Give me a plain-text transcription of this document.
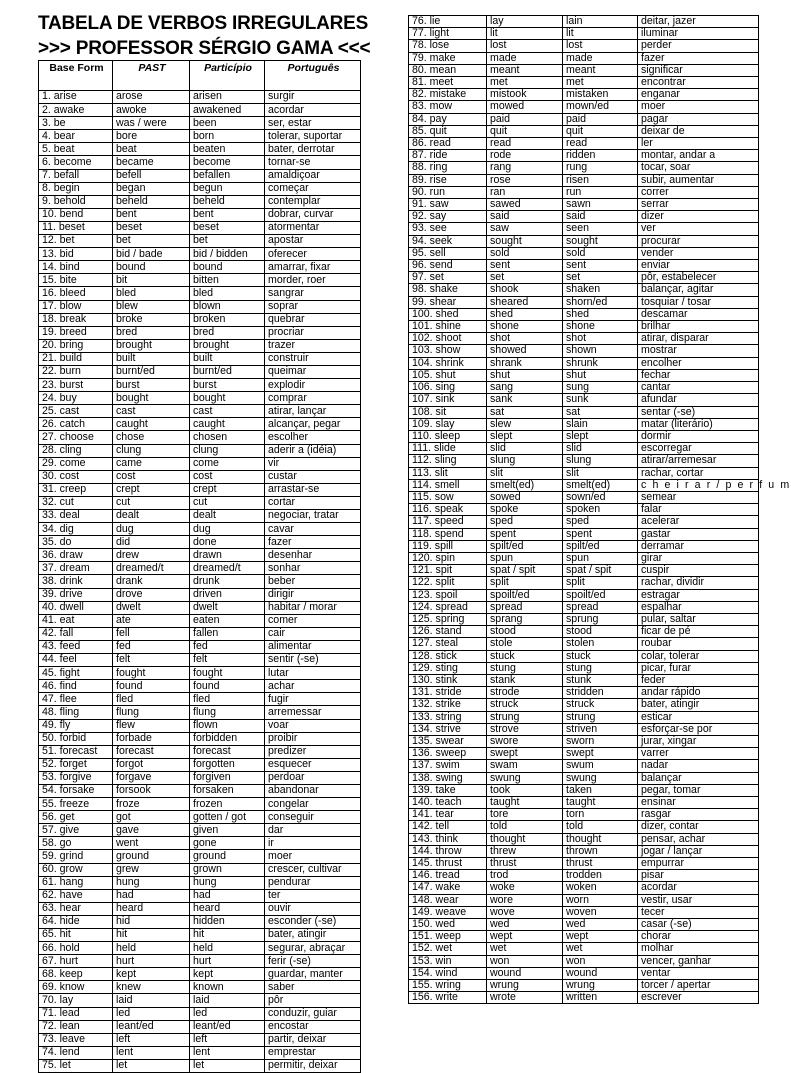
TABELA DE VERBOS IRREGULARES
>>> PROFESSOR SÉRGIO GAMA <<<
Base Form	PAST	Particípio	Português
1. arise	arose	arisen	surgir
2. awake	awoke	awakened	acordar
3. be	was / were	been	ser, estar
4. bear	bore	born	tolerar, suportar
5. beat	beat	beaten	bater, derrotar
6. become	became	become	tornar-se
7. befall	befell	befallen	amaldiçoar
8. begin	began	begun	começar
9. behold	beheld	beheld	contemplar
10. bend	bent	bent	dobrar, curvar
11. beset	beset	beset	atormentar
12. bet	bet	bet	apostar
13. bid	bid / bade	bid / bidden	oferecer
14. bind	bound	bound	amarrar, fixar
15. bite	bit	bitten	morder, roer
16. bleed	bled	bled	sangrar
17. blow	blew	blown	soprar
18. break	broke	broken	quebrar
19. breed	bred	bred	procriar
20. bring	brought	brought	trazer
21. build	built	built	construir
22. burn	burnt/ed	burnt/ed	queimar
23. burst	burst	burst	explodir
24. buy	bought	bought	comprar
25. cast	cast	cast	atirar, lançar
26. catch	caught	caught	alcançar, pegar
27. choose	chose	chosen	escolher
28. cling	clung	clung	aderir a (idéia)
29. come	came	come	vir
30. cost	cost	cost	custar
31. creep	crept	crept	arrastar-se
32. cut	cut	cut	cortar
33. deal	dealt	dealt	negociar, tratar
34. dig	dug	dug	cavar
35. do	did	done	fazer
36. draw	drew	drawn	desenhar
37. dream	dreamed/t	dreamed/t	sonhar
38. drink	drank	drunk	beber
39. drive	drove	driven	dirigir
40. dwell	dwelt	dwelt	habitar / morar
41. eat	ate	eaten	comer
42. fall	fell	fallen	cair
43. feed	fed	fed	alimentar
44. feel	felt	felt	sentir (-se)
45. fight	fought	fought	lutar
46. find	found	found	achar
47. flee	fled	fled	fugir
48. fling	flung	flung	arremessar
49. fly	flew	flown	voar
50. forbid	forbade	forbidden	proibir
51. forecast	forecast	forecast	predizer
52. forget	forgot	forgotten	esquecer
53. forgive	forgave	forgiven	perdoar
54. forsake	forsook	forsaken	abandonar
55. freeze	froze	frozen	congelar
56. get	got	gotten / got	conseguir
57. give	gave	given	dar
58. go	went	gone	ir
59. grind	ground	ground	moer
60. grow	grew	grown	crescer, cultivar
61. hang	hung	hung	pendurar
62. have	had	had	ter
63. hear	heard	heard	ouvir
64. hide	hid	hidden	esconder (-se)
65. hit	hit	hit	bater, atingir
66. hold	held	held	segurar, abraçar
67. hurt	hurt	hurt	ferir (-se)
68. keep	kept	kept	guardar, manter
69. know	knew	known	saber
70. lay	laid	laid	pôr
71. lead	led	led	conduzir, guiar
72. lean	leant/ed	leant/ed	encostar
73. leave	left	left	partir, deixar
74. lend	lent	lent	emprestar
75. let	let	let	permitir, deixar
76. lie	lay	lain	deitar, jazer
77. light	lit	lit	iluminar
78. lose	lost	lost	perder
79. make	made	made	fazer
80. mean	meant	meant	significar
81. meet	met	met	encontrar
82. mistake	mistook	mistaken	enganar
83. mow	mowed	mown/ed	moer
84. pay	paid	paid	pagar
85. quit	quit	quit	deixar de
86. read	read	read	ler
87. ride	rode	ridden	montar, andar a
88. ring	rang	rung	tocar, soar
89. rise	rose	risen	subir, aumentar
90. run	ran	run	correr
91. saw	sawed	sawn	serrar
92. say	said	said	dizer
93. see	saw	seen	ver
94. seek	sought	sought	procurar
95. sell	sold	sold	vender
96. send	sent	sent	enviar
97. set	set	set	pôr, estabelecer
98. shake	shook	shaken	balançar, agitar
99. shear	sheared	shorn/ed	tosquiar / tosar
100. shed	shed	shed	descamar
101. shine	shone	shone	brilhar
102. shoot	shot	shot	atirar, disparar
103. show	showed	shown	mostrar
104. shrink	shrank	shrunk	encolher
105. shut	shut	shut	fechar
106. sing	sang	sung	cantar
107. sink	sank	sunk	afundar
108. sit	sat	sat	sentar (-se)
109. slay	slew	slain	matar (literário)
110. sleep	slept	slept	dormir
111. slide	slid	slid	escorregar
112. sling	slung	slung	atirar/arremesar
113. slit	slit	slit	rachar, cortar
114. smell	smelt(ed)	smelt(ed)	c h e i r a r / p e r f u m
115. sow	sowed	sown/ed	semear
116. speak	spoke	spoken	falar
117. speed	sped	sped	acelerar
118. spend	spent	spent	gastar
119. spill	spilt/ed	spilt/ed	derramar
120. spin	spun	spun	girar
121. spit	spat / spit	spat / spit	cuspir
122. split	split	split	rachar, dividir
123. spoil	spoilt/ed	spoilt/ed	estragar
124. spread	spread	spread	espalhar
125. spring	sprang	sprung	pular, saltar
126. stand	stood	stood	ficar de pé
127. steal	stole	stolen	roubar
128. stick	stuck	stuck	colar, tolerar
129. sting	stung	stung	picar, furar
130. stink	stank	stunk	feder
131. stride	strode	stridden	andar rápido
132. strike	struck	struck	bater, atingir
133. string	strung	strung	esticar
134. strive	strove	striven	esforçar-se por
135. swear	swore	sworn	jurar, xingar
136. sweep	swept	swept	varrer
137. swim	swam	swum	nadar
138. swing	swung	swung	balançar
139. take	took	taken	pegar, tomar
140. teach	taught	taught	ensinar
141. tear	tore	torn	rasgar
142. tell	told	told	dizer, contar
143. think	thought	thought	pensar, achar
144. throw	threw	thrown	jogar / lançar
145. thrust	thrust	thrust	empurrar
146. tread	trod	trodden	pisar
147. wake	woke	woken	acordar
148. wear	wore	worn	vestir, usar
149. weave	wove	woven	tecer
150. wed	wed	wed	casar (-se)
151. weep	wept	wept	chorar
152. wet	wet	wet	molhar
153. win	won	won	vencer, ganhar
154. wind	wound	wound	ventar
155. wring	wrung	wrung	torcer / apertar
156. write	wrote	written	escrever
